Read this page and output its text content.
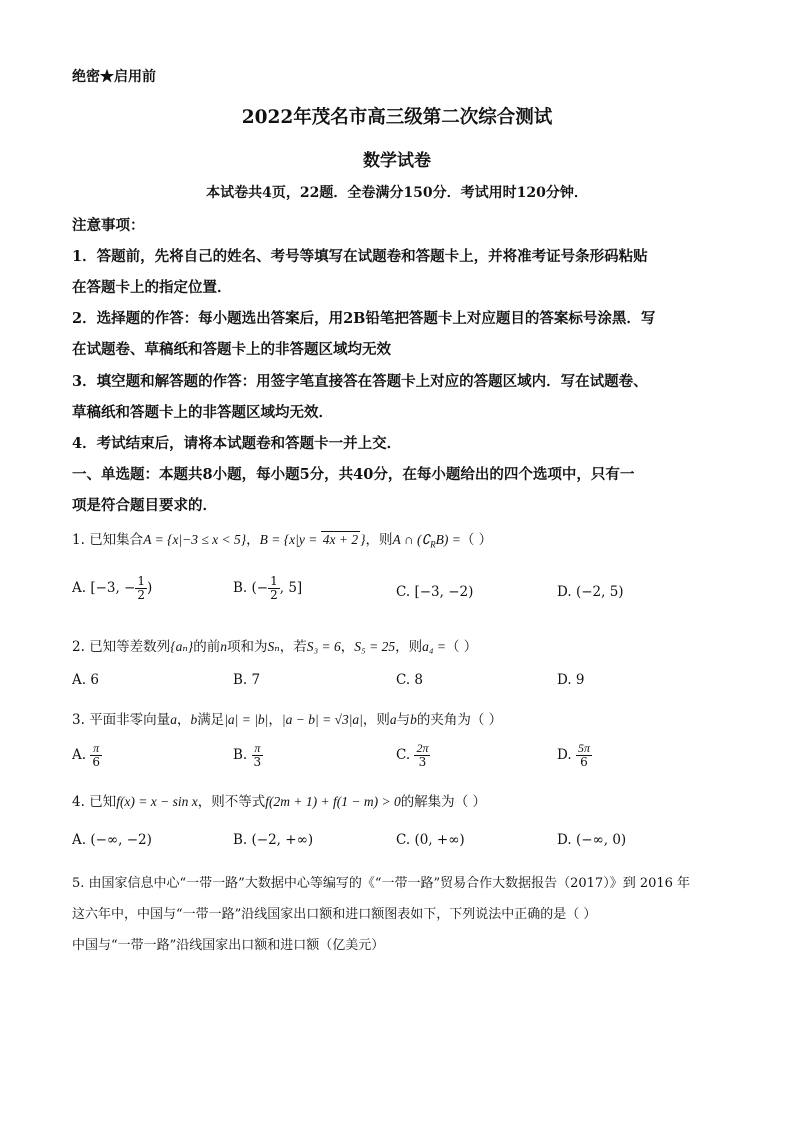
绝密★启用前
2022年茂名市高三级第二次综合测试
数学试卷
本试卷共4页，22题．全卷满分150分．考试用时120分钟．
注意事项：
1．答题前，先将自己的姓名、考号等填写在试题卷和答题卡上，并将准考证号条形码粘贴
在答题卡上的指定位置．
2．选择题的作答：每小题选出答案后，用2B铅笔把答题卡上对应题目的答案标号涂黑．写
在试题卷、草稿纸和答题卡上的非答题区域均无效
3．填空题和解答题的作答：用签字笔直接答在答题卡上对应的答题区域内．写在试题卷、
草稿纸和答题卡上的非答题区域均无效．
4．考试结束后，请将本试题卷和答题卡一并上交．
一、单选题：本题共8小题，每小题5分，共40分，在每小题给出的四个选项中，只有一
项是符合题目要求的．
1. 已知集合A = {x|−3 ≤ x < 5}，B = {x|y = 4x + 2 }，则A ∩ $(∁_RB)$ =（ ）
A. [−3, − $\frac{1}{2}$ )	B. (− $\frac{1}{2}$ , 5]	C. [−3, −2)	D. (−2, 5)
2. 已知等差数列{aₙ}的前n项和为Sₙ，若S₃ = 6，S₅ = 25，则a₄ =（ ）
A. 6	B. 7	C. 8	D. 9
3. 平面非零向量a，b满足|a| = |b|，|a − b| = √3|a|，则a与b的夹角为（ ）
A. $\frac{\pi}{6}$	B. $\frac{\pi}{3}$	C. $\frac{2\pi}{3}$	D. $\frac{5\pi}{6}$
4. 已知f(x) = x − sin x，则不等式f(2m + 1) + f(1 − m) > 0的解集为（ ）
A. (−∞, −2)	B. (−2, +∞)	C. (0, +∞)	D. (−∞, 0)
5. 由国家信息中心“一带一路”大数据中心等编写的《“一带一路”贸易合作大数据报告（2017）》到 2016 年
这六年中，中国与“一带一路”沿线国家出口额和进口额图表如下，下列说法中正确的是（ ）
中国与“一带一路”沿线国家出口额和进口额（亿美元）
